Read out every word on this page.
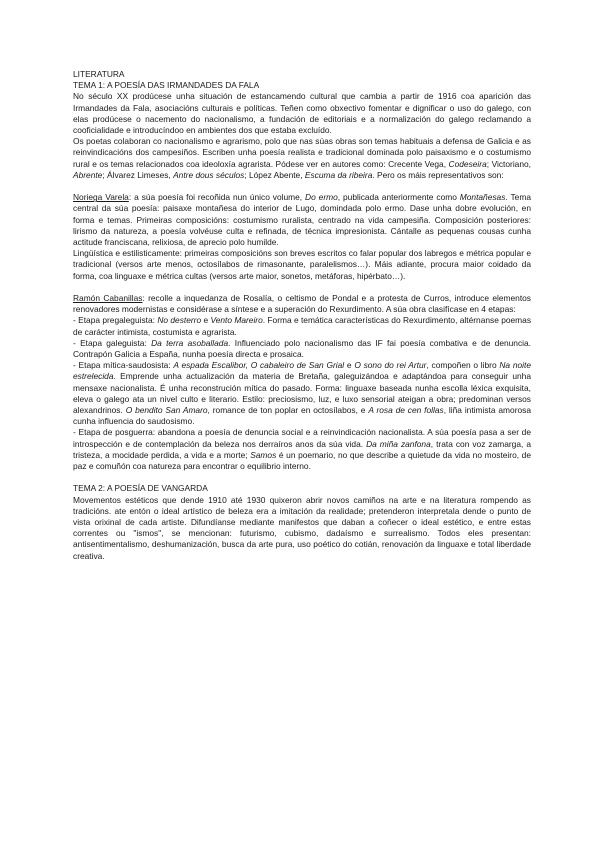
LITERATURA

TEMA 1: A POESÍA DAS IRMANDADES DA FALA

No século XX prodúcese unha situación de estancamendo cultural que cambia a partir de 1916 coa aparición das Irmandades da Fala, asociacións culturais e políticas. Teñen como obxectivo fomentar e dignificar o uso do galego, con elas prodúcese o nacemento do nacionalismo, a fundación de editoriais e a normalización do galego reclamando a cooficialidade e introducíndoo en ambientes dos que estaba excluído.

Os poetas colaboran co nacionalismo e agrarismo, polo que nas súas obras son temas habituais a defensa de Galicia e as reinvindicacións dos campesiños. Escriben unha poesía realista e tradicional dominada polo paisaxismo e o costumismo rural e os temas relacionados coa ideoloxía agrarista. Pódese ver en autores como: Crecente Vega, Codeseira; Victoriano, Abrente; Álvarez Limeses, Antre dous séculos; López Abente, Escuma da ribeira. Pero os máis representativos son:

Noriega Varela: a súa poesía foi recoñida nun único volume, Do ermo, publicada anteriormente como Montañesas. Tema central da súa poesía: paisaxe montañesa do interior de Lugo, domindada polo ermo. Dase unha dobre evolución, en forma e temas. Primeiras composicións: costumismo ruralista, centrado na vida campesiña. Composición posteriores: lirismo da natureza, a poesía volvéuse culta e refinada, de técnica impresionista. Cántalle as pequenas cousas cunha actitude franciscana, relixiosa, de aprecio polo humilde.

Lingüística e estilisticamente: primeiras composicións son breves escritos co falar popular dos labregos e métrica popular e tradicional (versos arte menos, octosílabos de rimasonante, paralelismos…). Máis adiante, procura maior coidado da forma, coa linguaxe e métrica cultas (versos arte maior, sonetos, metáforas, hipérbato…).

Ramón Cabanillas: recolle a inquedanza de Rosalía, o celtismo de Pondal e a protesta de Curros, introduce elementos renovadores modernistas e considérase a síntese e a superación do Rexurdimento. A súa obra clasifícase en 4 etapas:

- Etapa pregaleguista: No desterro e Vento Mareiro. Forma e temática características do Rexurdimento, altérnanse poemas de carácter intimista, costumista e agrarista.

- Etapa galeguista: Da terra asoballada. Influenciado polo nacionalismo das IF fai poesía combativa e de denuncia. Contrapón Galicia a España, nunha poesía directa e prosaica.

- Etapa mítica-saudosista: A espada Escalibor, O cabaleiro de San Grial e O sono do rei Artur, compoñen o libro Na noite estrelecida. Emprende unha actualización da materia de Bretaña, galeguizándoa e adaptándoa para conseguir unha mensaxe nacionalista. É unha reconstrución mítica do pasado. Forma: linguaxe baseada nunha escolla léxica exquisita, eleva o galego ata un nivel culto e literario. Estilo: preciosismo, luz, e luxo sensorial ateigan a obra; predominan versos alexandrinos. O bendito San Amaro, romance de ton poplar en octosílabos, e A rosa de cen follas, liña intimista amorosa cunha influencia do saudosismo.

- Etapa de posguerra: abandona a poesía de denuncia social e a reinvindicación nacionalista. A súa poesía pasa a ser de introspección e de contemplación da beleza nos derraíros anos da súa vida. Da miña zanfona, trata con voz zamarga, a tristeza, a mocidade perdida, a vida e a morte; Samos é un poemario, no que describe a quietude da vida no mosteiro, de paz e comuñón coa natureza para encontrar o equilibrio interno.

TEMA 2: A POESÍA DE VANGARDA

Movementos estéticos que dende 1910 até 1930 quixeron abrir novos camiños na arte e na literatura rompendo as tradicións. ate entón o ideal artístico de beleza era a imitación da realidade; pretenderon interpretala dende o punto de vista orixinal de cada artiste. Difundíanse mediante manifestos que daban a coñecer o ideal estético, e entre estas correntes ou "ismos", se mencionan: futurismo, cubismo, dadaísmo e surrealismo. Todos eles presentan: antisentimentalismo, deshumanización, busca da arte pura, uso poético do cotián, renovación da linguaxe e total liberdade creativa.
